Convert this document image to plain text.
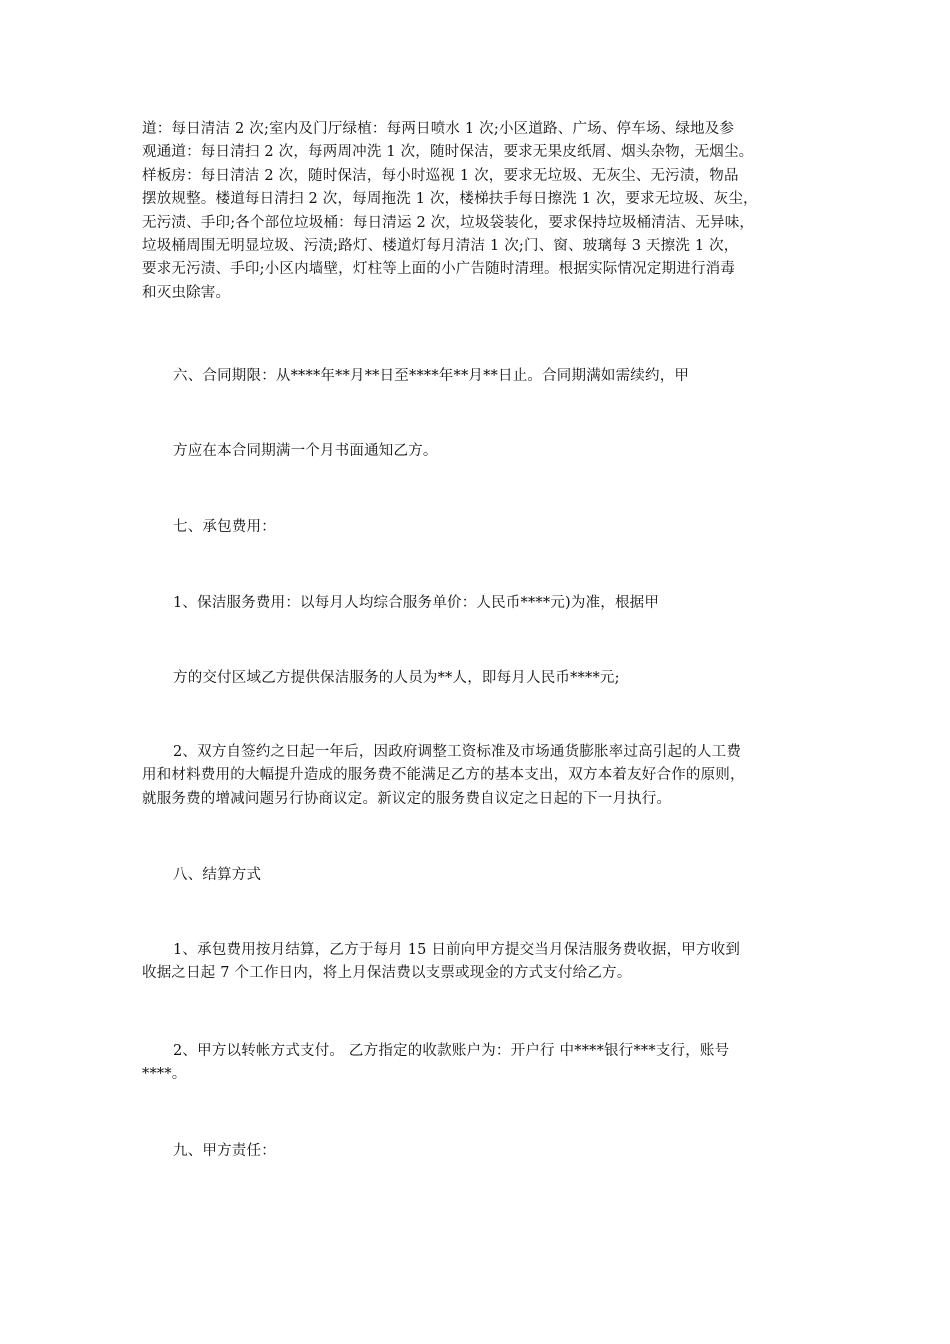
道：每日清洁 2 次;室内及门厅绿植：每两日喷水 1 次;小区道路、广场、停车场、绿地及参
观通道：每日清扫 2 次，每两周冲洗 1 次，随时保洁，要求无果皮纸屑、烟头杂物，无烟尘。
样板房：每日清洁 2 次，随时保洁，每小时巡视 1 次，要求无垃圾、无灰尘、无污渍，物品
摆放规整。楼道每日清扫 2 次，每周拖洗 1 次，楼梯扶手每日擦洗 1 次，要求无垃圾、灰尘，
无污渍、手印;各个部位垃圾桶：每日清运 2 次，垃圾袋装化，要求保持垃圾桶清洁、无异味，
垃圾桶周围无明显垃圾、污渍;路灯、楼道灯每月清洁 1 次;门、窗、玻璃每 3 天擦洗 1 次，
要求无污渍、手印;小区内墙壁，灯柱等上面的小广告随时清理。根据实际情况定期进行消毒
和灭虫除害。

六、合同期限：从****年**月**日至****年**月**日止。合同期满如需续约，甲

方应在本合同期满一个月书面通知乙方。

七、承包费用：

1、保洁服务费用：以每月人均综合服务单价：人民币****元)为准，根据甲

方的交付区域乙方提供保洁服务的人员为**人，即每月人民币****元;

2、双方自签约之日起一年后，因政府调整工资标准及市场通货膨胀率过高引起的人工费
用和材料费用的大幅提升造成的服务费不能满足乙方的基本支出，双方本着友好合作的原则，
就服务费的增减问题另行协商议定。新议定的服务费自议定之日起的下一月执行。

八、结算方式

1、承包费用按月结算，乙方于每月 15 日前向甲方提交当月保洁服务费收据，甲方收到
收据之日起 7 个工作日内，将上月保洁费以支票或现金的方式支付给乙方。
2、甲方以转帐方式支付。 乙方指定的收款账户为：开户行 中****银行***支行，账号
****。

九、甲方责任：
